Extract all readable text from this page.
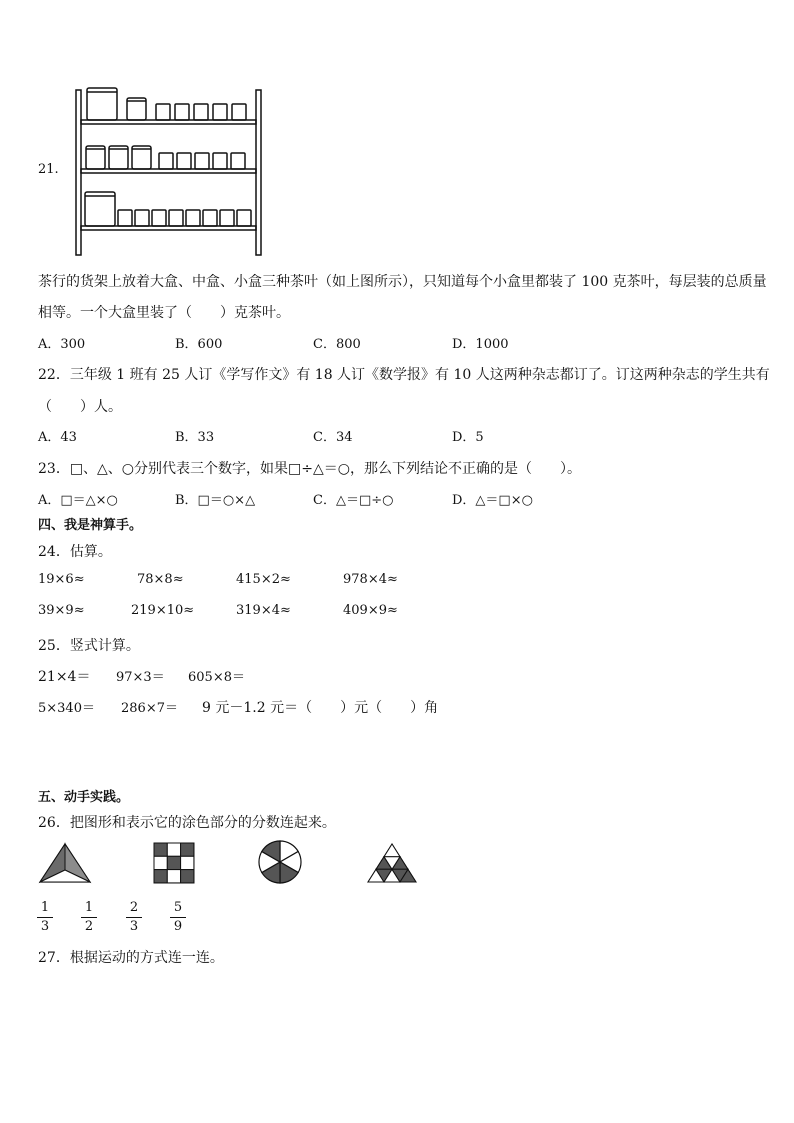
21.
茶行的货架上放着大盒、中盒、小盒三种茶叶（如上图所示），只知道每个小盒里都装了 100 克茶叶，每层装的总质量
相等。一个大盒里装了（　　）克茶叶。
A．300	B．600	C．800	D．1000
22．三年级 1 班有 25 人订《学写作文》有 18 人订《数学报》有 10 人这两种杂志都订了。订这两种杂志的学生共有
（　　）人。
A．43	B．33	C．34	D．5
23．□、△、○分别代表三个数字，如果□÷△＝○，那么下列结论不正确的是（　　）。
A．□＝△×○	B．□＝○×△	C．△＝□÷○	D．△＝□×○
四、我是神算手。
24．估算。
19×6≈	78×8≈	415×2≈	978×4≈
39×9≈	219×10≈	319×4≈	409×9≈
25．竖式计算。
21×4＝ 97×3＝ 605×8＝
5×340＝ 286×7＝ 9 元－1.2 元＝（　　）元（　　）角
五、动手实践。
26．把图形和表示它的涂色部分的分数连起来。
1
3
1
2
2
3
5
9
27．根据运动的方式连一连。
